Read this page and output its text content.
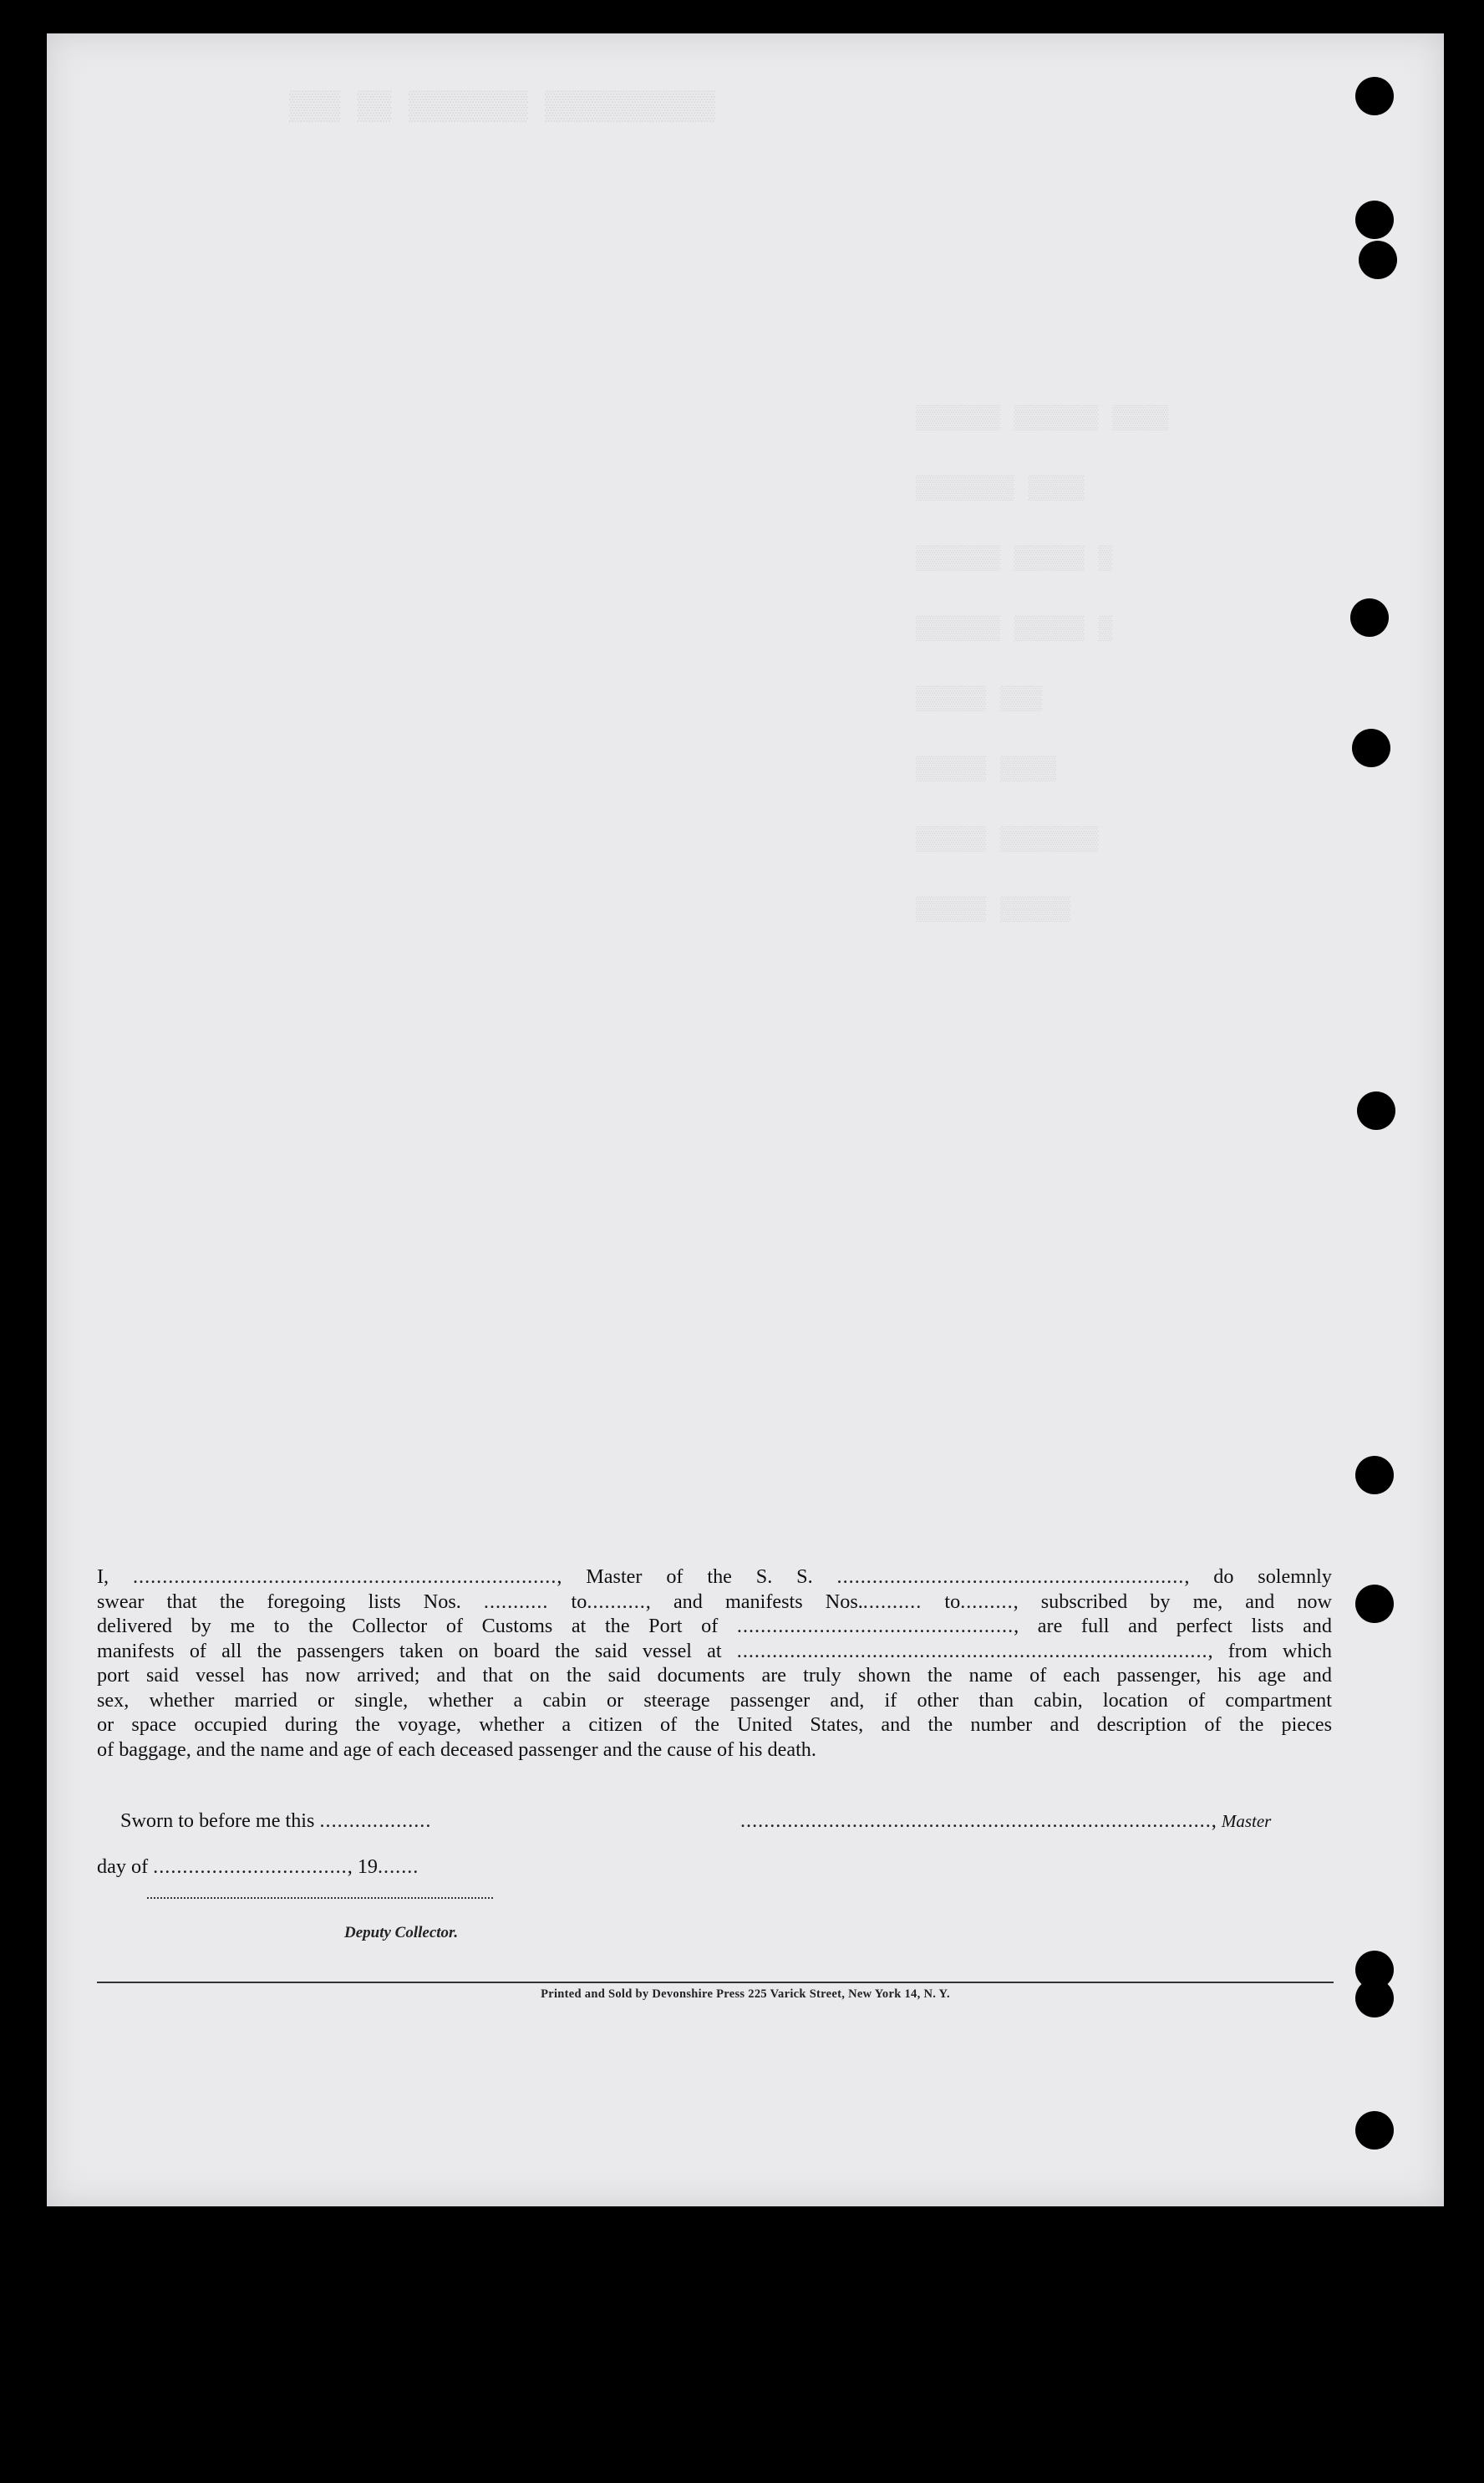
▒▒▒ ▒▒ ▒▒▒▒▒▒▒ ▒▒▒▒▒▒▒▒▒▒
▒▒▒▒▒▒ ▒▒▒▒▒▒ ▒▒▒▒
▒▒▒▒▒▒▒ ▒▒▒▒
▒▒▒▒▒▒ ▒▒▒▒▒ ▒
▒▒▒▒▒▒ ▒▒▒▒▒ ▒
▒▒▒▒▒ ▒▒▒
▒▒▒▒▒ ▒▒▒▒
▒▒▒▒▒ ▒▒▒▒▒▒▒
▒▒▒▒▒ ▒▒▒▒▒
I, ........................................................................, Master of the S. S. ..........................................................., do solemnly
swear that the foregoing lists Nos. ........... to.........., and manifests Nos........... to........., subscribed by me, and now
delivered by me to the Collector of Customs at the Port of ..............................................., are full and perfect lists and
manifests of all the passengers taken on board the said vessel at ................................................................................, from which
port said vessel has now arrived; and that on the said documents are truly shown the name of each passenger, his age and
sex, whether married or single, whether a cabin or steerage passenger and, if other than cabin, location of compartment
or space occupied during the voyage, whether a citizen of the United States, and the number and description of the pieces
of baggage, and the name and age of each deceased passenger and the cause of his death.
Sworn to before me this ...................	................................................................................, Master
day of ................................., 19.......
Deputy Collector.
Printed and Sold by Devonshire Press 225 Varick Street, New York 14, N. Y.
